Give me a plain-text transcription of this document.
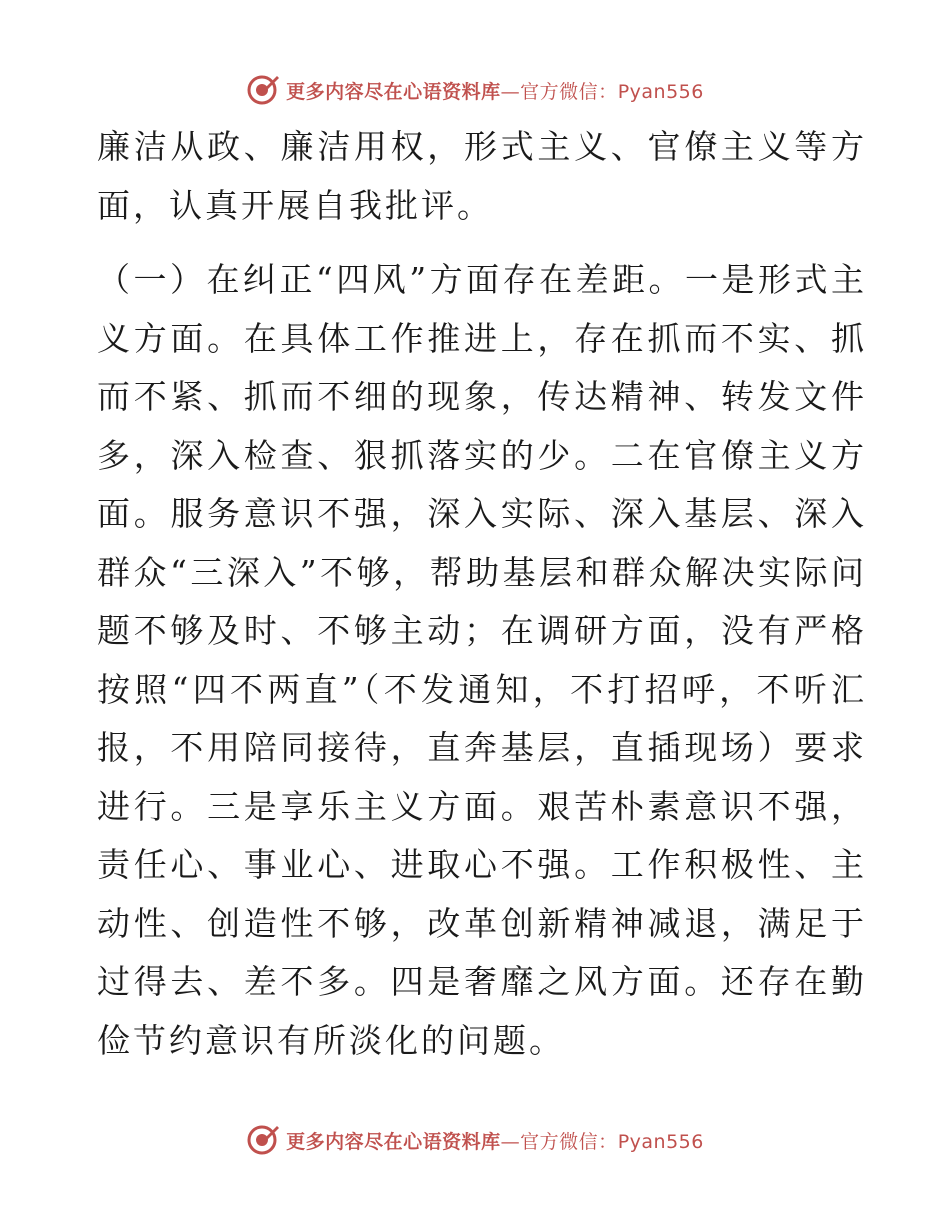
更多内容尽在心语资料库—官方微信：Pyan556

廉洁从政、廉洁用权，形式主义、官僚主义等方面，认真开展自我批评。

（一）在纠正“四风”方面存在差距。一是形式主义方面。在具体工作推进上，存在抓而不实、抓而不紧、抓而不细的现象，传达精神、转发文件多，深入检查、狠抓落实的少。二在官僚主义方面。服务意识不强，深入实际、深入基层、深入群众“三深入”不够，帮助基层和群众解决实际问题不够及时、不够主动；在调研方面，没有严格按照“四不两直”（不发通知，不打招呼，不听汇报，不用陪同接待，直奔基层，直插现场）要求进行。三是享乐主义方面。艰苦朴素意识不强，责任心、事业心、进取心不强。工作积极性、主动性、创造性不够，改革创新精神减退，满足于过得去、差不多。四是奢靡之风方面。还存在勤俭节约意识有所淡化的问题。

更多内容尽在心语资料库—官方微信：Pyan556
